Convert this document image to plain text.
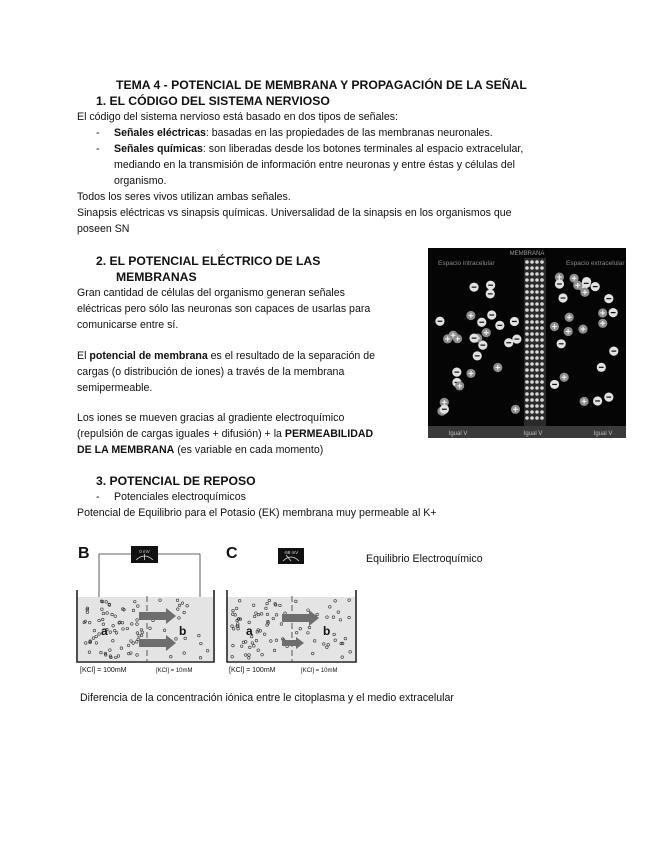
TEMA 4 - POTENCIAL DE MEMBRANA Y PROPAGACIÓN DE LA SEÑAL
1. EL CÓDIGO DEL SISTEMA NERVIOSO
El código del sistema nervioso está basado en dos tipos de señales:
- Señales eléctricas: basadas en las propiedades de las membranas neuronales.
- Señales químicas: son liberadas desde los botones terminales al espacio extracelular,
mediando en la transmisión de información entre neuronas y entre éstas y células del
organismo.
Todos los seres vivos utilizan ambas señales.
Sinapsis eléctricas vs sinapsis químicas. Universalidad de la sinapsis en los organismos que
poseen SN
2. EL POTENCIAL ELÉCTRICO DE LAS
MEMBRANAS
Gran cantidad de células del organismo generan señales
eléctricas pero sólo las neuronas son capaces de usarlas para
comunicarse entre sí.
El potencial de membrana es el resultado de la separación de
cargas (o distribución de iones) a través de la membrana
semipermeable.
Los iones se mueven gracias al gradiente electroquímico
(repulsión de cargas iguales + difusión) + la PERMEABILIDAD
DE LA MEMBRANA (es variable en cada momento)
MEMBRANA
Espacio intracelular	Espacio extracelular
Igual V	Igual V	Igual V
3. POTENCIAL DE REPOSO
- Potenciales electroquímicos
Potencial de Equilibrio para el Potasio (EK) membrana muy permeable al K+
B	0 mV
a	b
[KCl] = 100mM	[KCl] = 10mM
C	-58 mV
a	b
[KCl] = 100mM	[KCl] = 10mM
Equilibrio Electroquímico
Diferencia de la concentración iónica entre le citoplasma y el medio extracelular
